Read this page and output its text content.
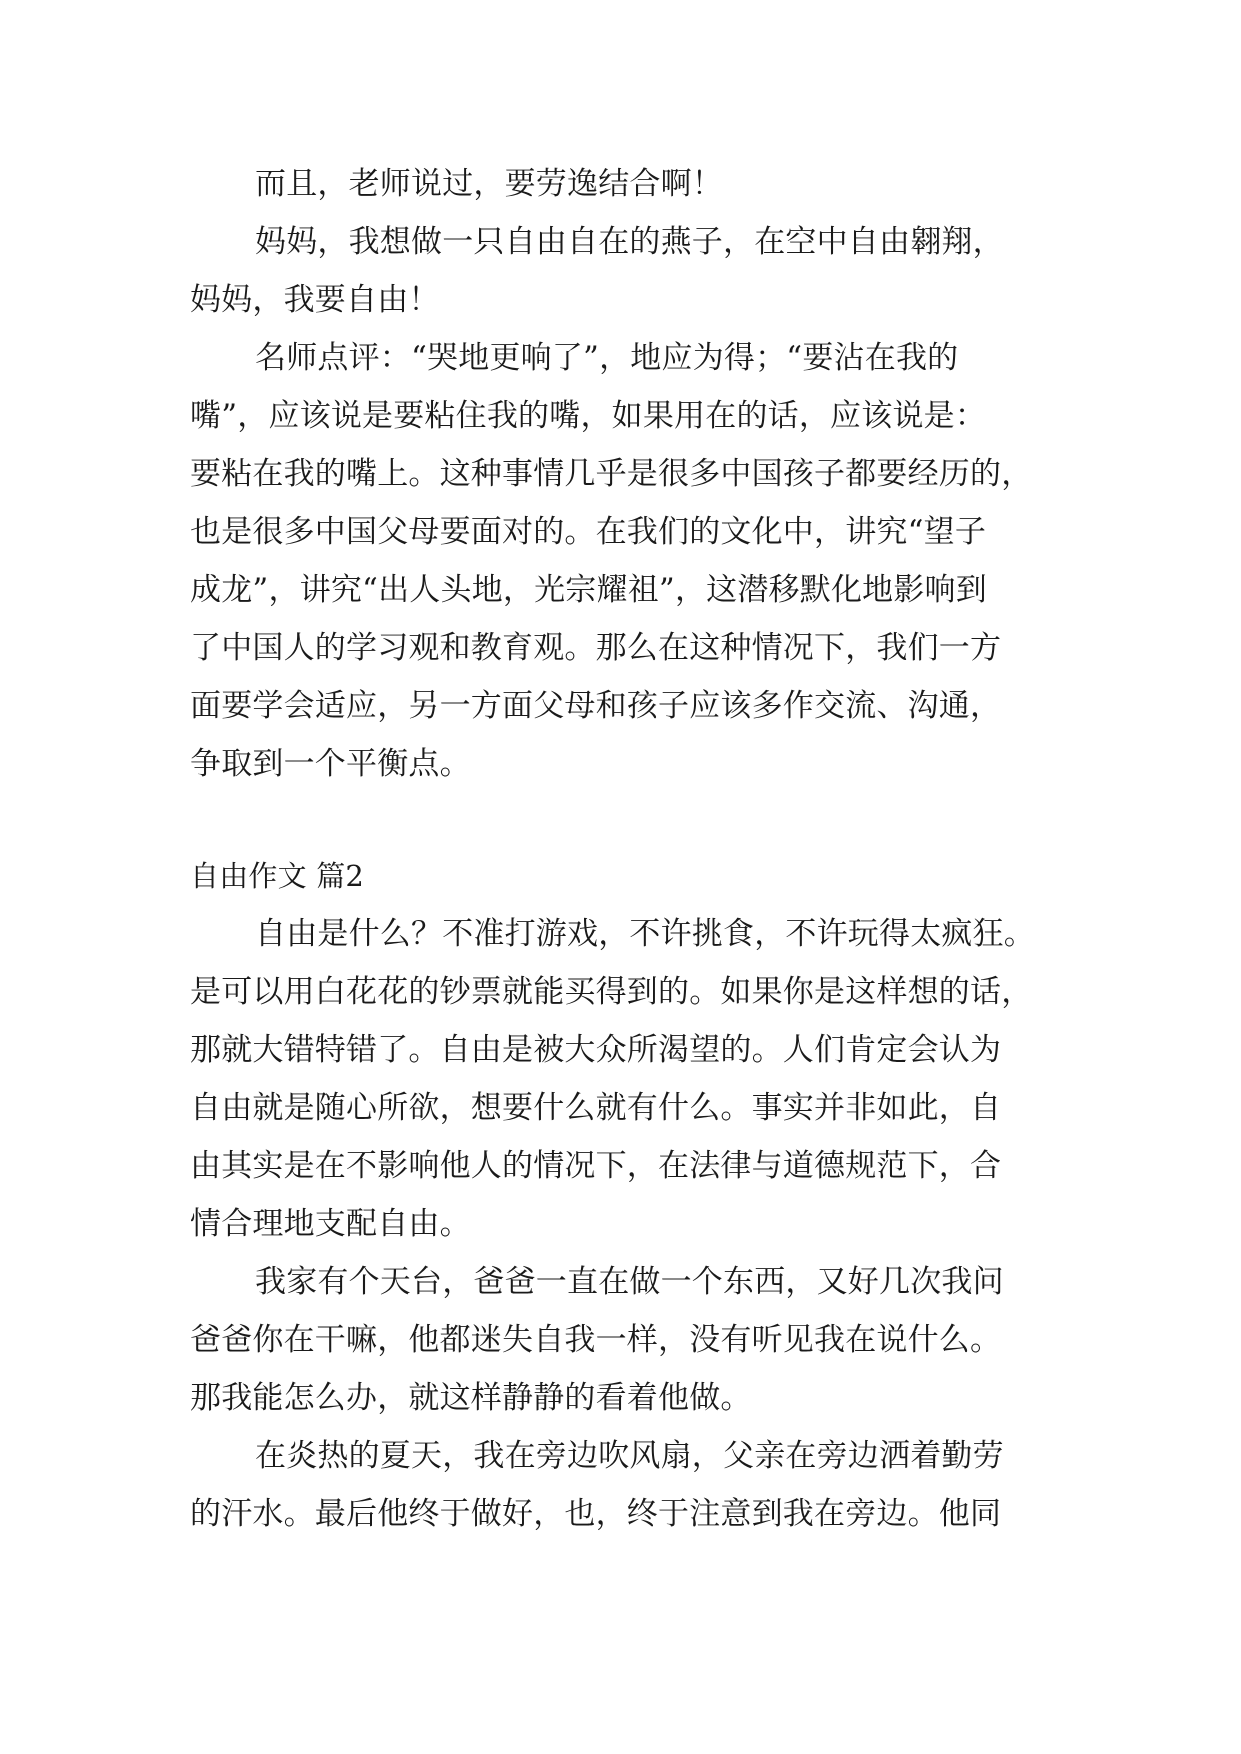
而且，老师说过，要劳逸结合啊！
妈妈，我想做一只自由自在的燕子，在空中自由翱翔，
妈妈，我要自由！
名师点评：“哭地更响了”，地应为得；“要沾在我的
嘴”，应该说是要粘住我的嘴，如果用在的话，应该说是：
要粘在我的嘴上。这种事情几乎是很多中国孩子都要经历的，
也是很多中国父母要面对的。在我们的文化中，讲究“望子
成龙”，讲究“出人头地，光宗耀祖”，这潜移默化地影响到
了中国人的学习观和教育观。那么在这种情况下，我们一方
面要学会适应，另一方面父母和孩子应该多作交流、沟通，
争取到一个平衡点。
自由作文 篇2
自由是什么？不准打游戏，不许挑食，不许玩得太疯狂。
是可以用白花花的钞票就能买得到的。如果你是这样想的话，
那就大错特错了。自由是被大众所渴望的。人们肯定会认为
自由就是随心所欲，想要什么就有什么。事实并非如此，自
由其实是在不影响他人的情况下，在法律与道德规范下，合
情合理地支配自由。
我家有个天台，爸爸一直在做一个东西，又好几次我问
爸爸你在干嘛，他都迷失自我一样，没有听见我在说什么。
那我能怎么办，就这样静静的看着他做。
在炎热的夏天，我在旁边吹风扇，父亲在旁边洒着勤劳
的汗水。最后他终于做好，也，终于注意到我在旁边。他同
